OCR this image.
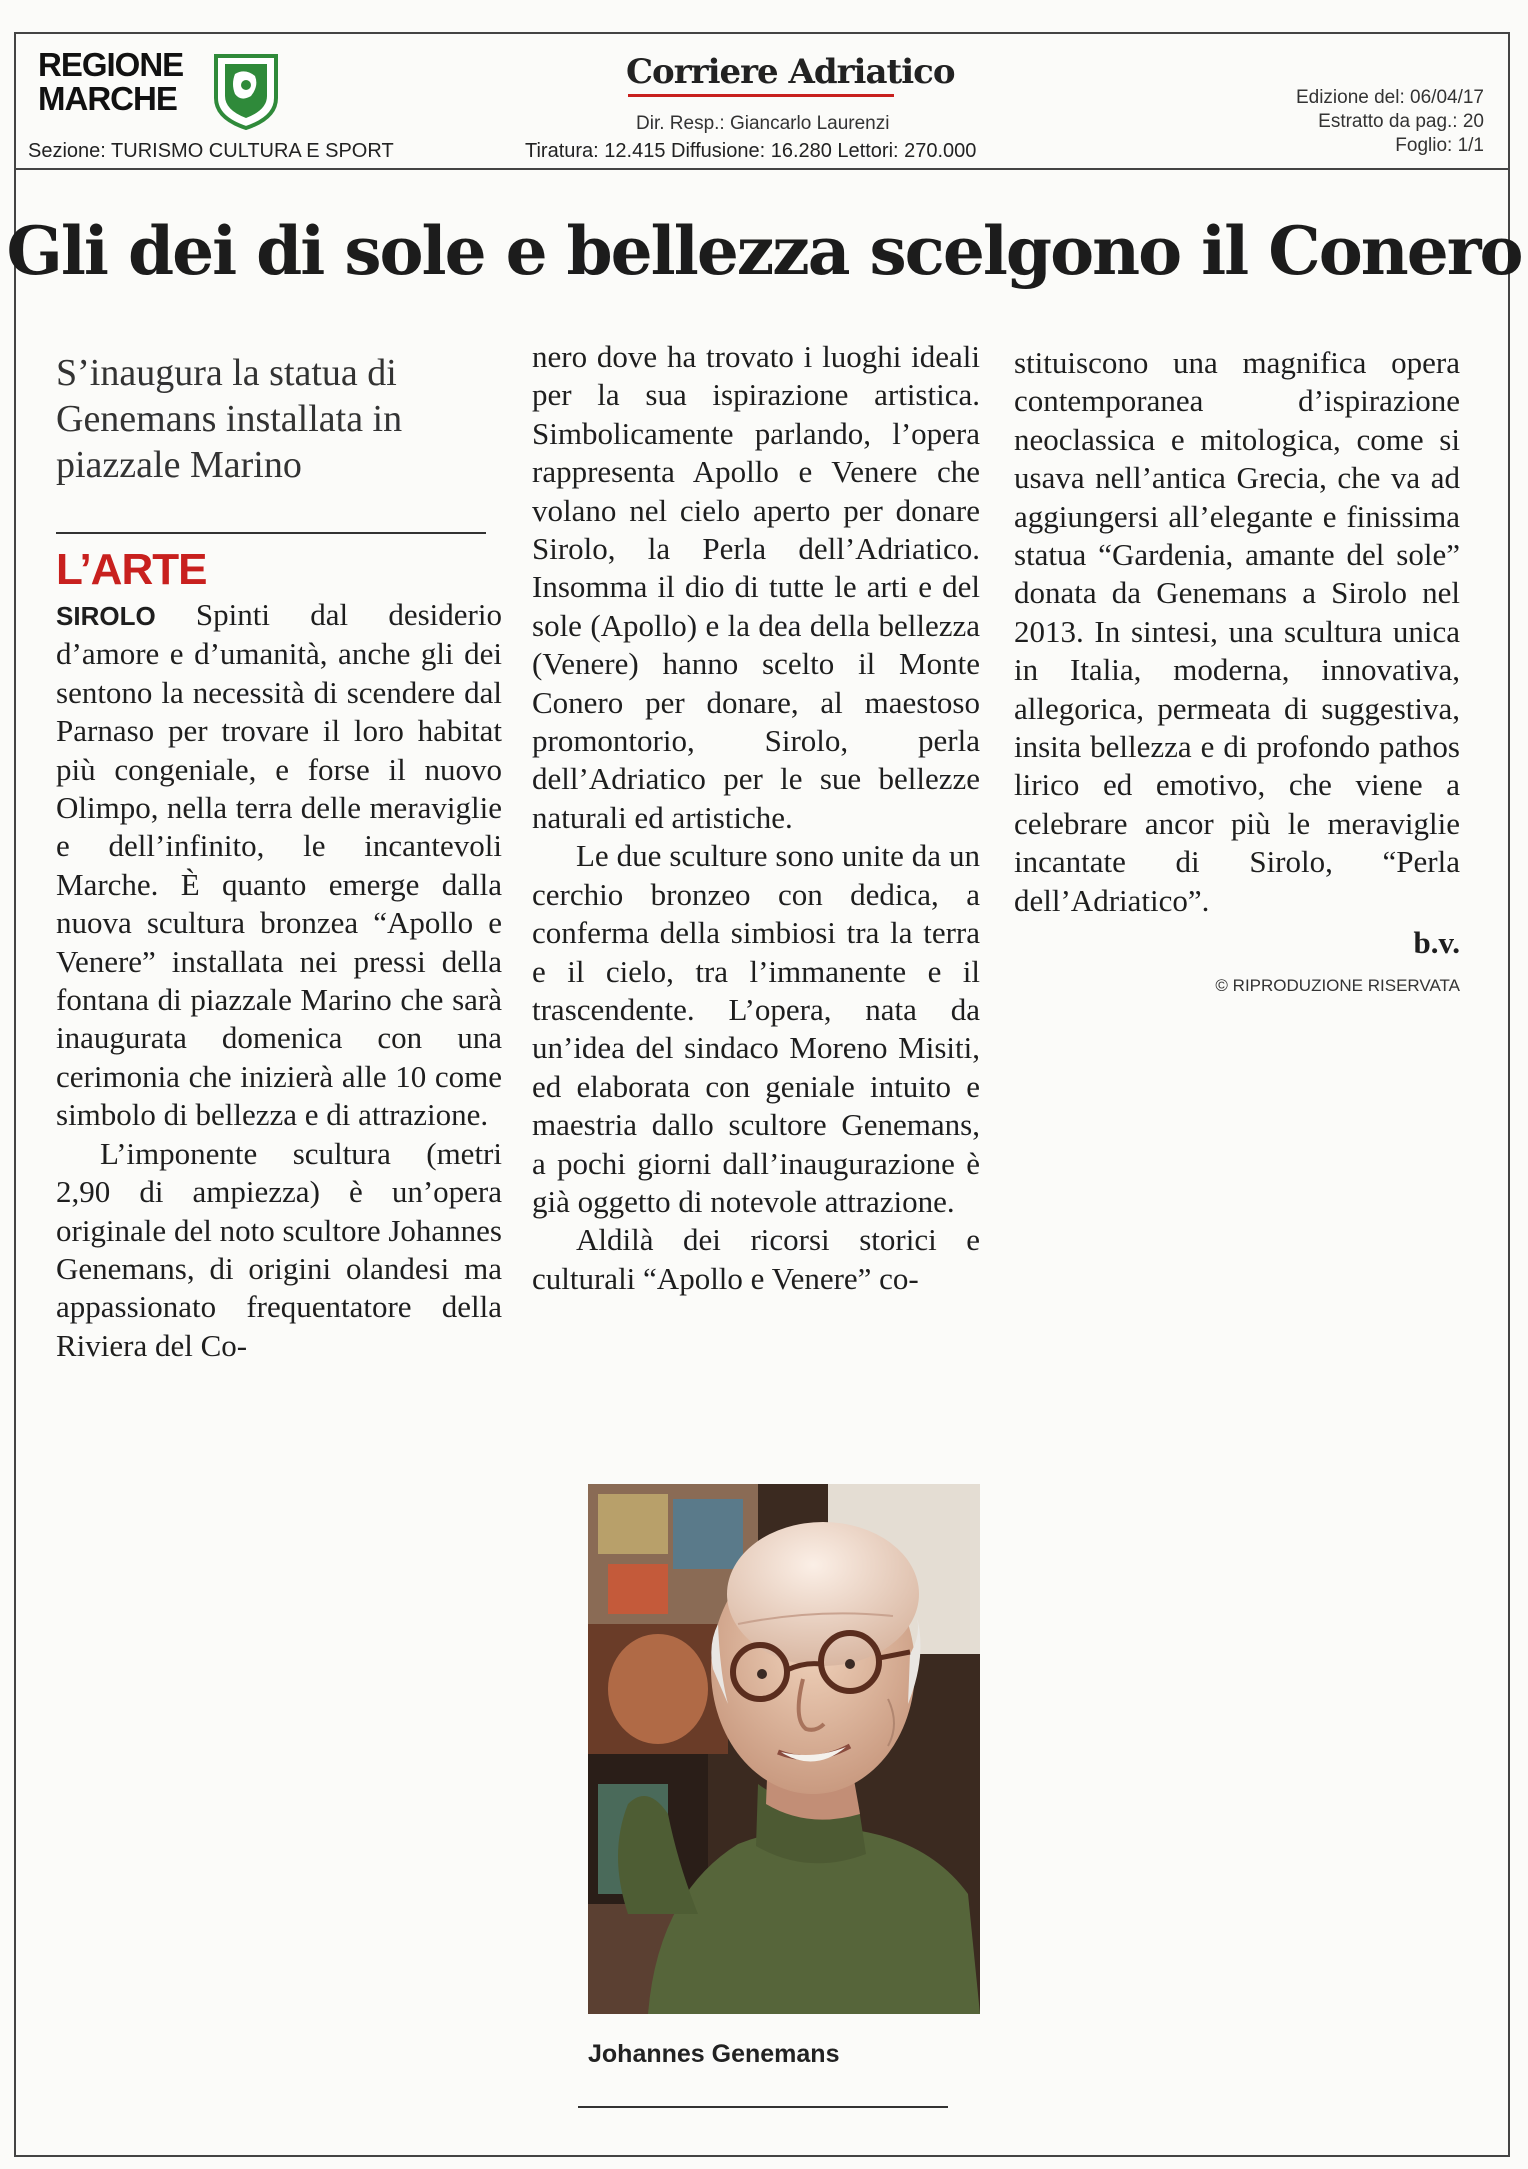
REGIONE
MARCHE
Sezione: TURISMO CULTURA E SPORT
Corriere Adriatico
Dir. Resp.: Giancarlo Laurenzi
Tiratura: 12.415 Diffusione: 16.280 Lettori: 270.000
Edizione del: 06/04/17
Estratto da pag.: 20
Foglio: 1/1
Gli dei di sole e bellezza scelgono il Conero
S’inaugura la statua di Genemans installata in piazzale Marino
L’ARTE

SIROLO Spinti dal desiderio d’amore e d’umanità, anche gli dei sentono la necessità di scendere dal Parnaso per trovare il loro habitat più congeniale, e forse il nuovo Olimpo, nella terra delle meraviglie e dell’infinito, le incantevoli Marche. È quanto emerge dalla nuova scultura bronzea “Apollo e Venere” installata nei pressi della fontana di piazzale Marino che sarà inaugurata domenica con una cerimonia che inizierà alle 10 come simbolo di bellezza e di attrazione.

L’imponente scultura (metri 2,90 di ampiezza) è un’opera originale del noto scultore Johannes Genemans, di origini olandesi ma appassionato frequentatore della Riviera del Co-

nero dove ha trovato i luoghi ideali per la sua ispirazione artistica. Simbolicamente parlando, l’opera rappresenta Apollo e Venere che volano nel cielo aperto per donare Sirolo, la Perla dell’Adriatico. Insomma il dio di tutte le arti e del sole (Apollo) e la dea della bellezza (Venere) hanno scelto il Monte Conero per donare, al maestoso promontorio, Sirolo, perla dell’Adriatico per le sue bellezze naturali ed artistiche.

Le due sculture sono unite da un cerchio bronzeo con dedica, a conferma della simbiosi tra la terra e il cielo, tra l’immanente e il trascendente. L’opera, nata da un’idea del sindaco Moreno Misiti, ed elaborata con geniale intuito e maestria dallo scultore Genemans, a pochi giorni dall’inaugurazione è già oggetto di notevole attrazione.

Aldilà dei ricorsi storici e culturali “Apollo e Venere” co-

stituiscono una magnifica opera contemporanea d’ispirazione neoclassica e mitologica, come si usava nell’antica Grecia, che va ad aggiungersi all’elegante e finissima statua “Gardenia, amante del sole” donata da Genemans a Sirolo nel 2013. In sintesi, una scultura unica in Italia, moderna, innovativa, allegorica, permeata di suggestiva, insita bellezza e di profondo pathos lirico ed emotivo, che viene a celebrare ancor più le meraviglie incantate di Sirolo, “Perla dell’Adriatico”.

b.v.
© RIPRODUZIONE RISERVATA
Johannes Genemans
